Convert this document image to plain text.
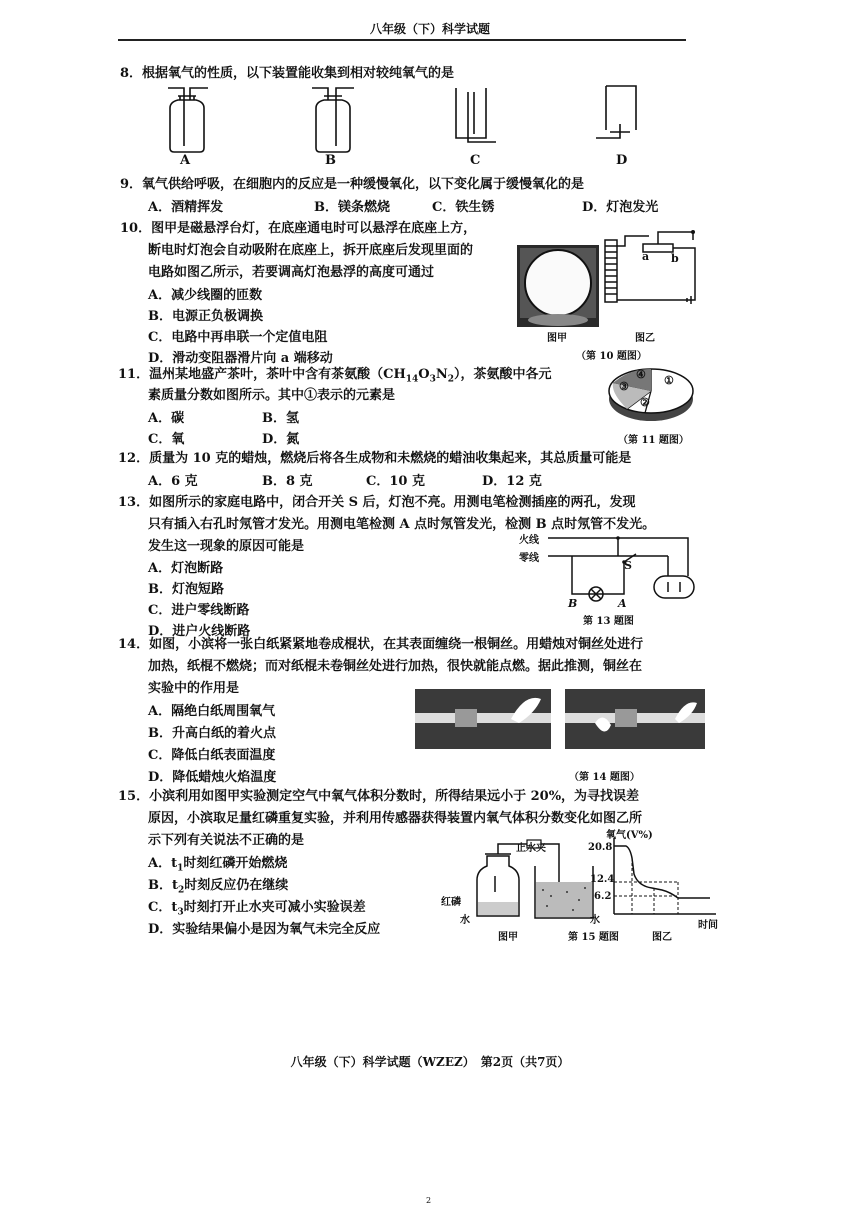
八年级（下）科学试题
8．根据氧气的性质，以下装置能收集到相对较纯氧气的是
A	B	C	D
9．氧气供给呼吸，在细胞内的反应是一种缓慢氧化，以下变化属于缓慢氧化的是
A．酒精挥发	B．镁条燃烧	C．铁生锈	D．灯泡发光
10．图甲是磁悬浮台灯，在底座通电时可以悬浮在底座上方，
断电时灯泡会自动吸附在底座上，拆开底座后发现里面的
电路如图乙所示，若要调高灯泡悬浮的高度可通过
A．减少线圈的匝数
B．电源正负极调换
C．电路中再串联一个定值电阻
D．滑动变阻器滑片向 a 端移动
a b
图甲	图乙
（第 10 题图）
11．温州某地盛产茶叶，茶叶中含有茶氨酸$(CH_{14}O_3N_2)$，茶氨酸中各元
素质量分数如图所示。其中①表示的元素是
A．碳	B．氢
C．氧	D．氮
①
②
③
④
（第 11 题图）
12．质量为 10 克的蜡烛，燃烧后将各生成物和未燃烧的蜡油收集起来，其总质量可能是
A．6 克	B．8 克	C．10 克	D．12 克
13．如图所示的家庭电路中，闭合开关 S 后，灯泡不亮。用测电笔检测插座的两孔，发现
只有插入右孔时氖管才发光。用测电笔检测 A 点时氖管发光，检测 B 点时氖管不发光。
发生这一现象的原因可能是
A．灯泡断路
B．灯泡短路
C．进户零线断路
D．进户火线断路
火线
零线
S
B	A
第 13 题图
14．如图，小滨将一张白纸紧紧地卷成棍状，在其表面缠绕一根铜丝。用蜡烛对铜丝处进行
加热，纸棍不燃烧；而对纸棍未卷铜丝处进行加热，很快就能点燃。据此推测，铜丝在
实验中的作用是
A．隔绝白纸周围氧气
B．升高白纸的着火点
C．降低白纸表面温度
D．降低蜡烛火焰温度	（第 14 题图）
15．小滨利用如图甲实验测定空气中氧气体积分数时，所得结果远小于 20%，为寻找误差
原因，小滨取足量红磷重复实验，并利用传感器获得装置内氧气体积分数变化如图乙所
示下列有关说法不正确的是
A．$t_1$时刻红磷开始燃烧
B．$t_2$时刻反应仍在继续
C．$t_3$时刻打开止水夹可减小实验误差
D．实验结果偏小是因为氧气未完全反应
止水夹
红磷
水	水
图甲	第 15 题图
氧气(V%)
20.8
12.4
6.2
时间
图乙
八年级（下）科学试题（WZEZ）　第2页（共7页）
2
